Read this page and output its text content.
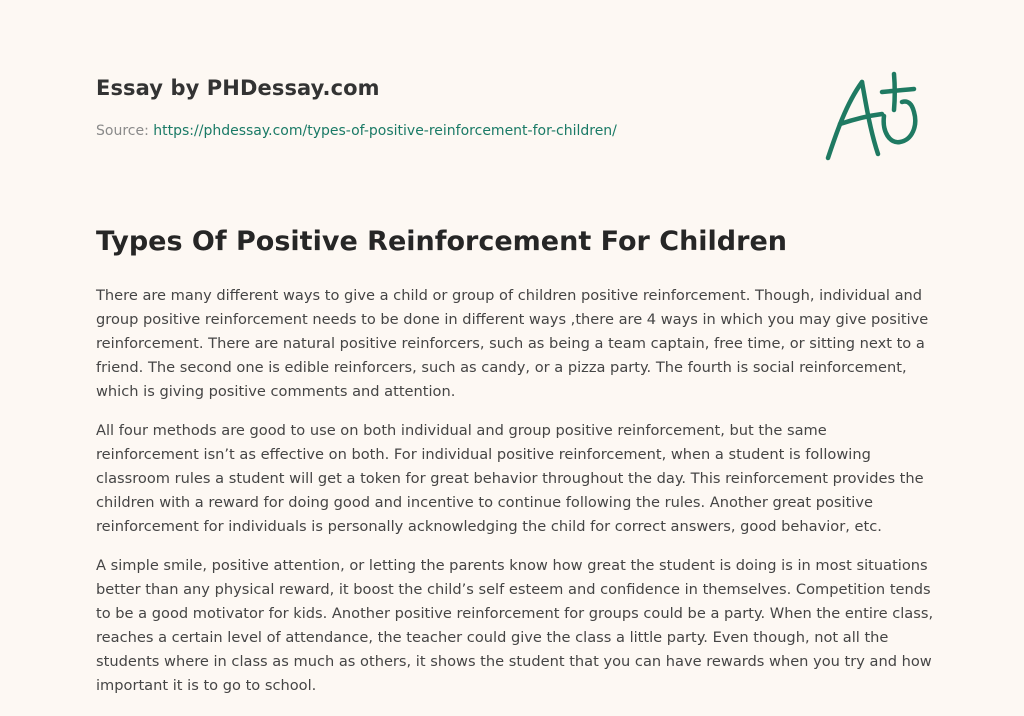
Essay by PHDessay.com
Source: https://phdessay.com/types-of-positive-reinforcement-for-children/
Types Of Positive Reinforcement For Children

There are many different ways to give a child or group of children positive reinforcement. Though, individual and group positive reinforcement needs to be done in different ways ,there are 4 ways in which you may give positive reinforcement. There are natural positive reinforcers, such as being a team captain, free time, or sitting next to a friend. The second one is edible reinforcers, such as candy, or a pizza party. The fourth is social reinforcement, which is giving positive comments and attention.

All four methods are good to use on both individual and group positive reinforcement, but the same reinforcement isn’t as effective on both. For individual positive reinforcement, when a student is following classroom rules a student will get a token for great behavior throughout the day. This reinforcement provides the children with a reward for doing good and incentive to continue following the rules. Another great positive reinforcement for individuals is personally acknowledging the child for correct answers, good behavior, etc.

A simple smile, positive attention, or letting the parents know how great the student is doing is in most situations better than any physical reward, it boost the child’s self esteem and confidence in themselves. Competition tends to be a good motivator for kids. Another positive reinforcement for groups could be a party. When the entire class, reaches a certain level of attendance, the teacher could give the class a little party. Even though, not all the students where in class as much as others, it shows the student that you can have rewards when you try and how important it is to go to school.
